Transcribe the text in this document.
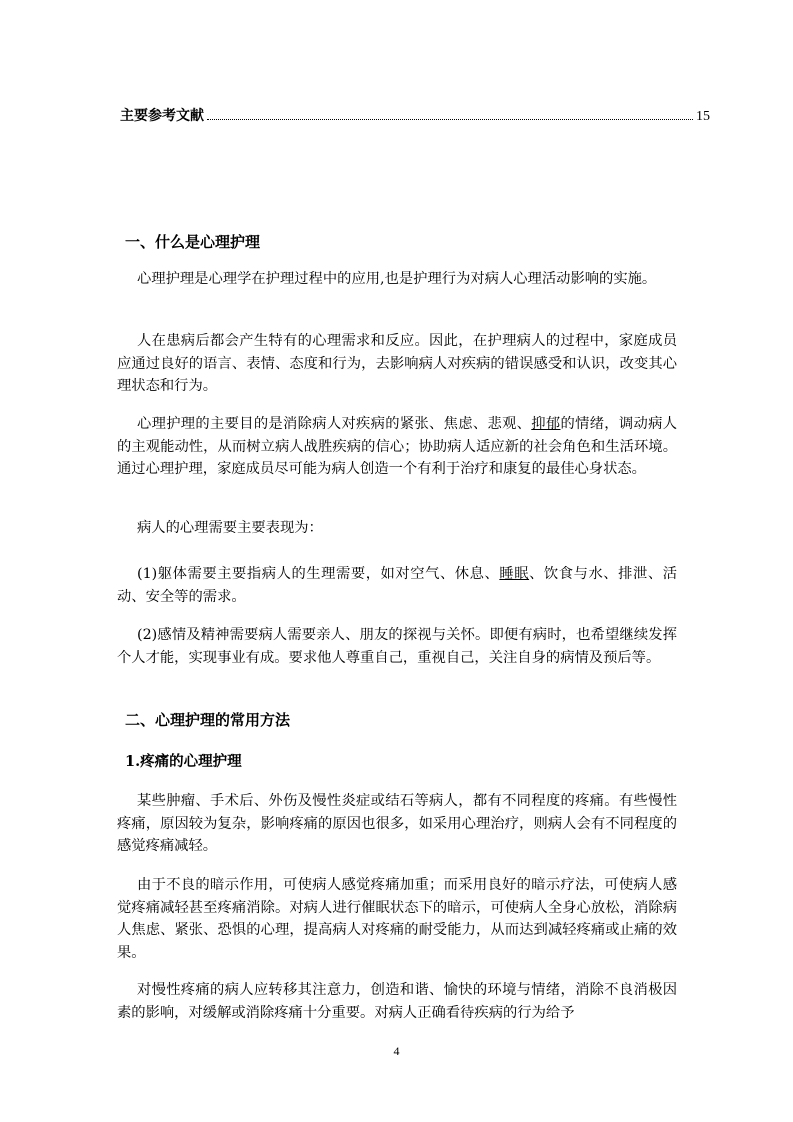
主要参考文献	15
一、什么是心理护理

心理护理是心理学在护理过程中的应用,也是护理行为对病人心理活动影响的实施。

人在患病后都会产生特有的心理需求和反应。因此，在护理病人的过程中，家庭成员应通过良好的语言、表情、态度和行为，去影响病人对疾病的错误感受和认识，改变其心理状态和行为。

心理护理的主要目的是消除病人对疾病的紧张、焦虑、悲观、抑郁的情绪，调动病人的主观能动性，从而树立病人战胜疾病的信心；协助病人适应新的社会角色和生活环境。通过心理护理，家庭成员尽可能为病人创造一个有利于治疗和康复的最佳心身状态。

病人的心理需要主要表现为：

(1)躯体需要主要指病人的生理需要，如对空气、休息、睡眠、饮食与水、排泄、活动、安全等的需求。

(2)感情及精神需要病人需要亲人、朋友的探视与关怀。即便有病时，也希望继续发挥个人才能，实现事业有成。要求他人尊重自己，重视自己，关注自身的病情及预后等。

二、心理护理的常用方法
1.疼痛的心理护理

某些肿瘤、手术后、外伤及慢性炎症或结石等病人，都有不同程度的疼痛。有些慢性疼痛，原因较为复杂，影响疼痛的原因也很多，如采用心理治疗，则病人会有不同程度的感觉疼痛减轻。

由于不良的暗示作用，可使病人感觉疼痛加重；而采用良好的暗示疗法，可使病人感觉疼痛减轻甚至疼痛消除。对病人进行催眠状态下的暗示，可使病人全身心放松，消除病人焦虑、紧张、恐惧的心理，提高病人对疼痛的耐受能力，从而达到减轻疼痛或止痛的效果。

对慢性疼痛的病人应转移其注意力，创造和谐、愉快的环境与情绪，消除不良消极因素的影响，对缓解或消除疼痛十分重要。对病人正确看待疾病的行为给予

4
